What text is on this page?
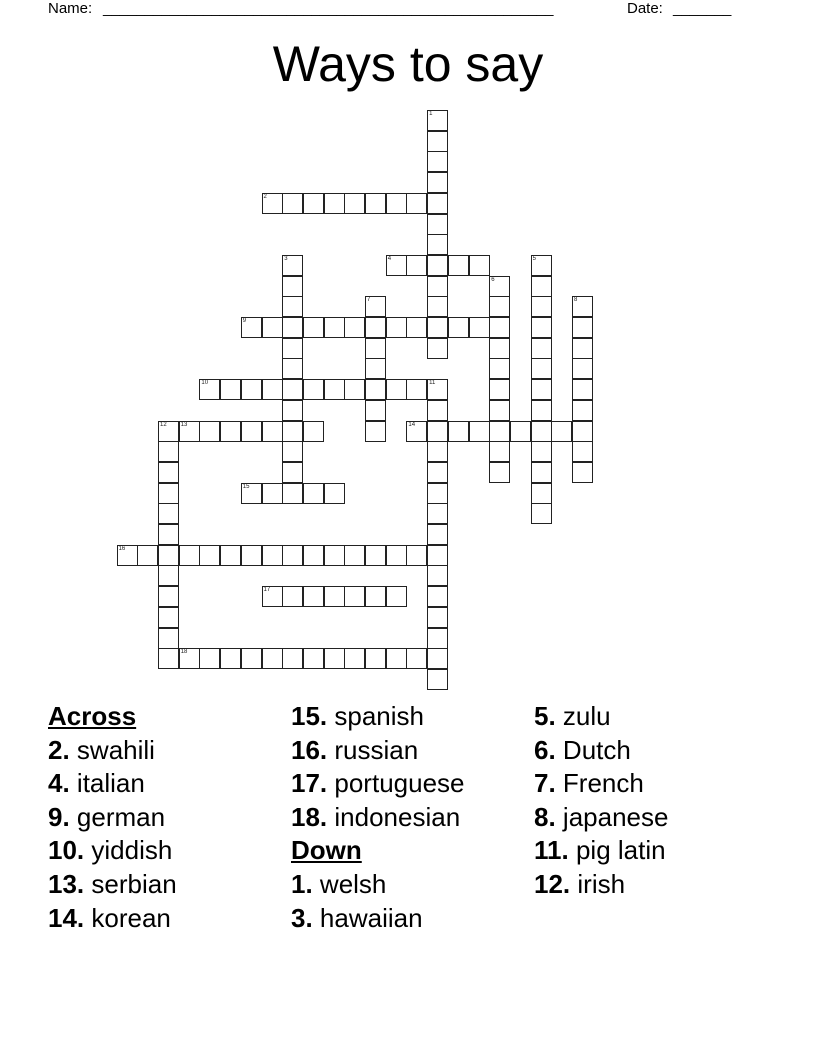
Name: ______________________________________________________	Date: _______
Ways to say
1
2
3	4	5
6
7	8
9
10	11
12 13	14
15
16
17
18
Across
2. swahili
4. italian
9. german
10. yiddish
13. serbian
14. korean
15. spanish
16. russian
17. portuguese
18. indonesian
Down
1. welsh
3. hawaiian
5. zulu
6. Dutch
7. French
8. japanese
11. pig latin
12. irish
